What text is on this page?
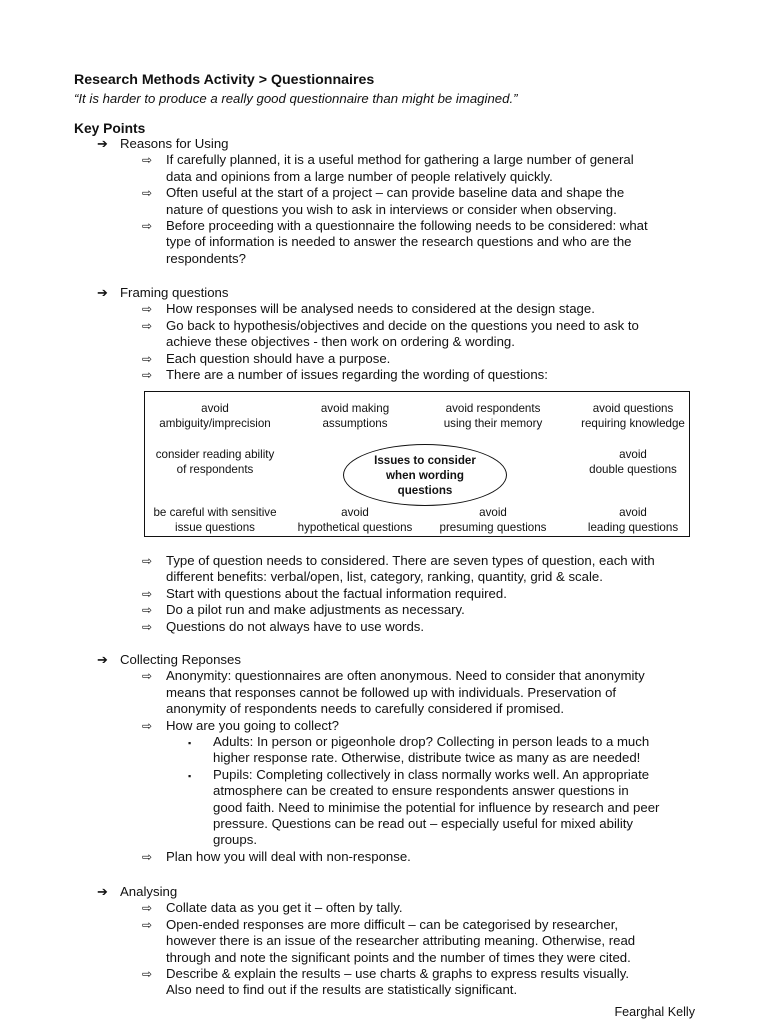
Research Methods Activity > Questionnaires
“It is harder to produce a really good questionnaire than might be imagined.”
Key Points
➔ Reasons for Using
⇨	If carefully planned, it is a useful method for gathering a large number of general
data and opinions from a large number of people relatively quickly.
⇨	Often useful at the start of a project – can provide baseline data and shape the
nature of questions you wish to ask in interviews or consider when observing.
⇨	Before proceeding with a questionnaire the following needs to be considered: what
type of information is needed to answer the research questions and who are the
respondents?
➔ Framing questions
⇨	How responses will be analysed needs to considered at the design stage.
⇨	Go back to hypothesis/objectives and decide on the questions you need to ask to
achieve these objectives - then work on ordering & wording.
⇨	Each question should have a purpose.
⇨	There are a number of issues regarding the wording of questions:
avoid
ambiguity/imprecision
avoid making
assumptions
avoid respondents
using their memory
avoid questions
requiring knowledge
consider reading ability
of respondents
Issues to consider
when wording
questions
avoid
double questions
be careful with sensitive
issue questions
avoid
hypothetical questions
avoid
presuming questions
avoid
leading questions
⇨	Type of question needs to considered. There are seven types of question, each with
different benefits: verbal/open, list, category, ranking, quantity, grid & scale.
⇨	Start with questions about the factual information required.
⇨	Do a pilot run and make adjustments as necessary.
⇨	Questions do not always have to use words.
➔ Collecting Reponses
⇨	Anonymity: questionnaires are often anonymous. Need to consider that anonymity
means that responses cannot be followed up with individuals. Preservation of
anonymity of respondents needs to carefully considered if promised.
⇨	How are you going to collect?
▪	Adults: In person or pigeonhole drop? Collecting in person leads to a much
higher response rate. Otherwise, distribute twice as many as are needed!
▪	Pupils: Completing collectively in class normally works well. An appropriate
atmosphere can be created to ensure respondents answer questions in
good faith. Need to minimise the potential for influence by research and peer
pressure. Questions can be read out – especially useful for mixed ability
groups.
⇨	Plan how you will deal with non-response.
➔ Analysing
⇨	Collate data as you get it – often by tally.
⇨	Open-ended responses are more difficult – can be categorised by researcher,
however there is an issue of the researcher attributing meaning. Otherwise, read
through and note the significant points and the number of times they were cited.
⇨	Describe & explain the results – use charts & graphs to express results visually.
Also need to find out if the results are statistically significant.
Fearghal Kelly
